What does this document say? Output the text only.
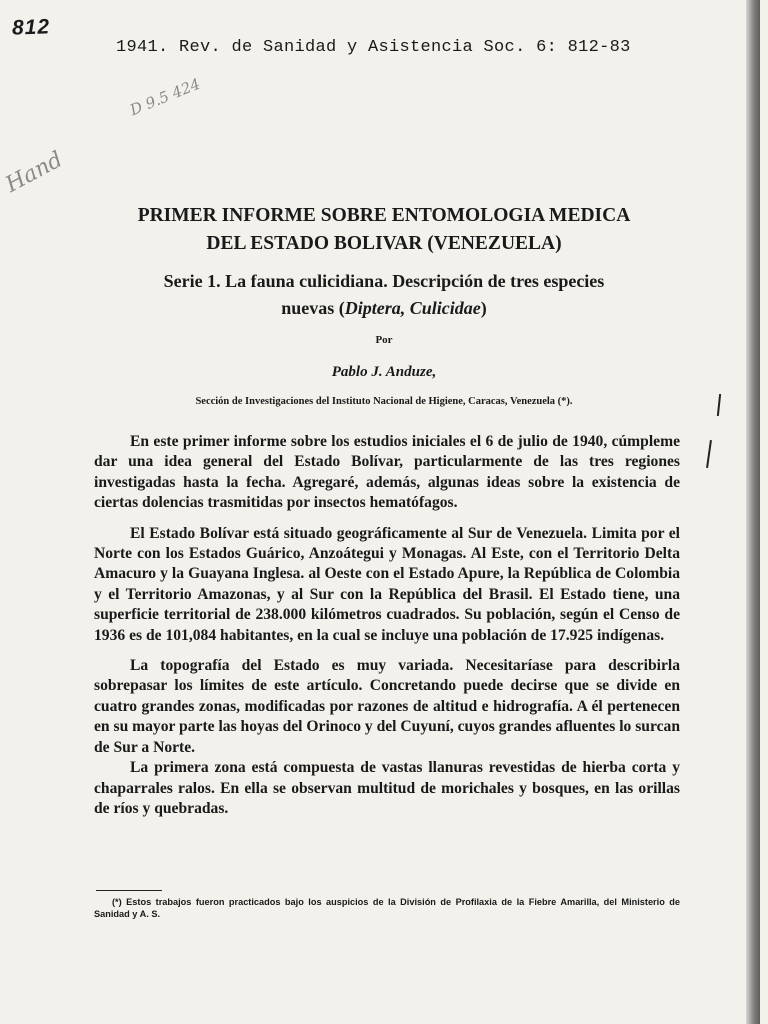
812
1941. Rev. de Sanidad y Asistencia Soc. 6: 812-83
D 9.5 424
Hand
PRIMER INFORME SOBRE ENTOMOLOGIA MEDICA
DEL ESTADO BOLIVAR (VENEZUELA)
Serie 1. La fauna culicidiana. Descripción de tres especies
nuevas (Diptera, Culicidae)
Por
Pablo J. Anduze,
Sección de Investigaciones del Instituto Nacional de Higiene, Caracas, Venezuela (*).

En este primer informe sobre los estudios iniciales el 6 de julio de 1940, cúmpleme dar una idea general del Estado Bolívar, particularmente de las tres regiones investigadas hasta la fecha. Agregaré, además, algunas ideas sobre la existencia de ciertas dolencias trasmitidas por insectos hematófagos.

El Estado Bolívar está situado geográficamente al Sur de Venezuela. Limita por el Norte con los Estados Guárico, Anzoátegui y Monagas. Al Este, con el Territorio Delta Amacuro y la Guayana Inglesa. al Oeste con el Estado Apure, la República de Colombia y el Territorio Amazonas, y al Sur con la República del Brasil. El Estado tiene, una superficie territorial de 238.000 kilómetros cuadrados. Su población, según el Censo de 1936 es de 101,084 habitantes, en la cual se incluye una población de 17.925 indígenas.

La topografía del Estado es muy variada. Necesitaríase para describirla sobrepasar los límites de este artículo. Concretando puede decirse que se divide en cuatro grandes zonas, modificadas por razones de altitud e hidrografía. A él pertenecen en su mayor parte las hoyas del Orinoco y del Cuyuní, cuyos grandes afluentes lo surcan de Sur a Norte.

La primera zona está compuesta de vastas llanuras revestidas de hierba corta y chaparrales ralos. En ella se observan multitud de morichales y bosques, en las orillas de ríos y quebradas.

(*) Estos trabajos fueron practicados bajo los auspicios de la División de Profilaxia de la Fiebre Amarilla, del Ministerio de Sanidad y A. S.
